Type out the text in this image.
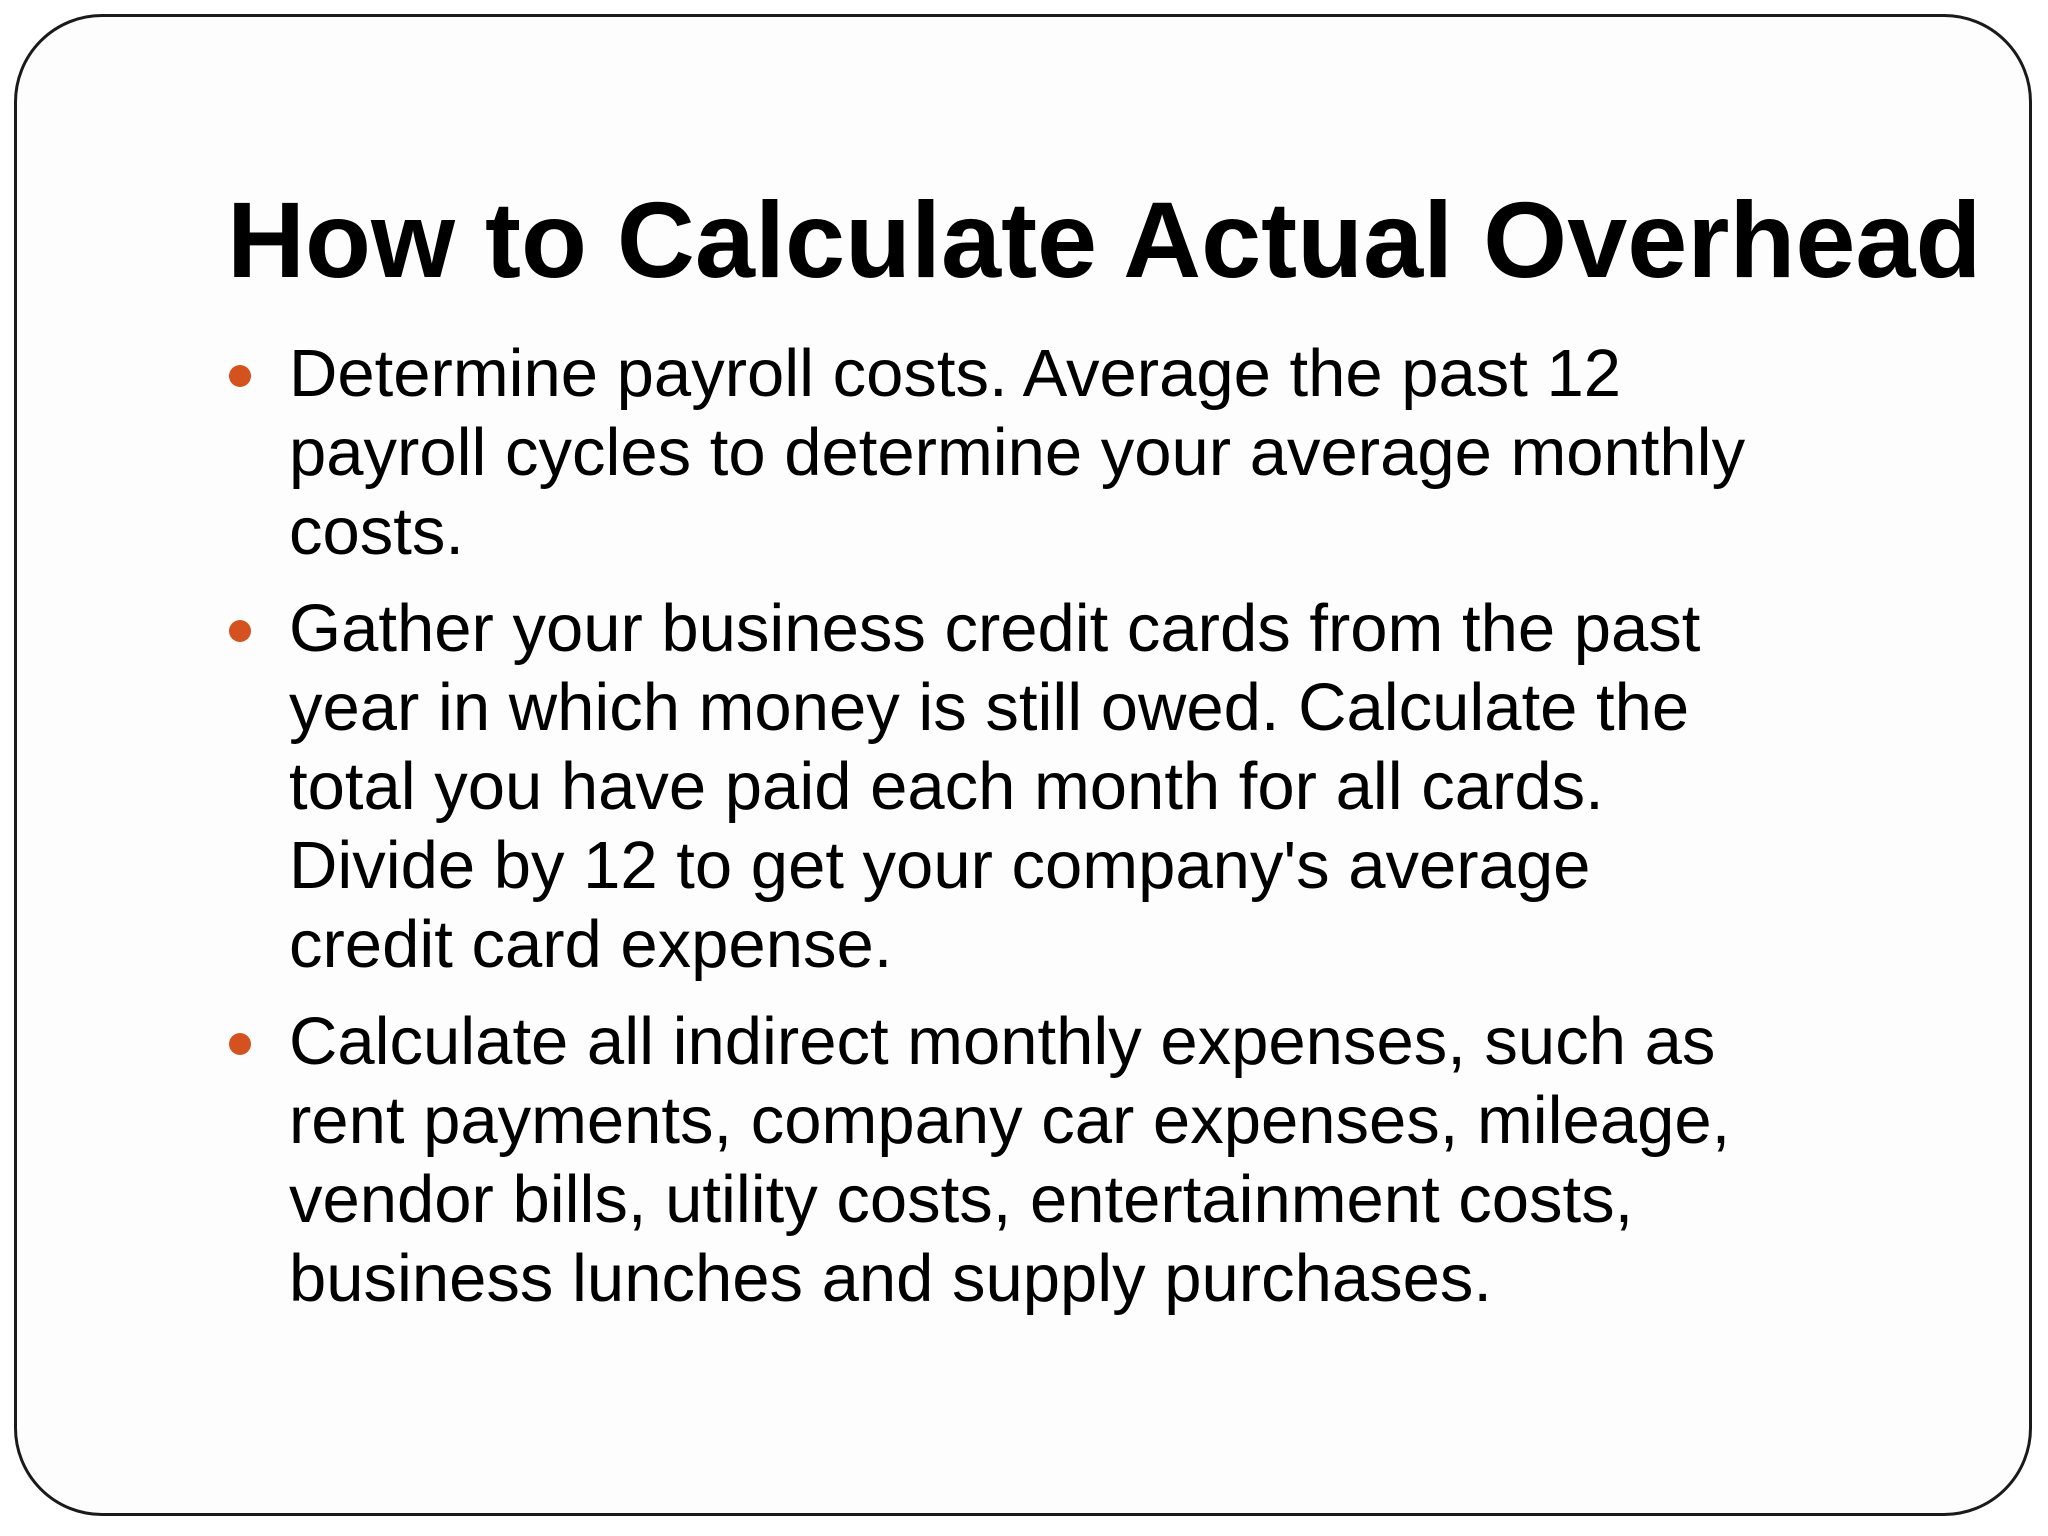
How to Calculate Actual Overhead
Determine payroll costs. Average the past 12
payroll cycles to determine your average monthly
costs.
Gather your business credit cards from the past
year in which money is still owed. Calculate the
total you have paid each month for all cards.
Divide by 12 to get your company's average
credit card expense.
Calculate all indirect monthly expenses, such as
rent payments, company car expenses, mileage,
vendor bills, utility costs, entertainment costs,
business lunches and supply purchases.
